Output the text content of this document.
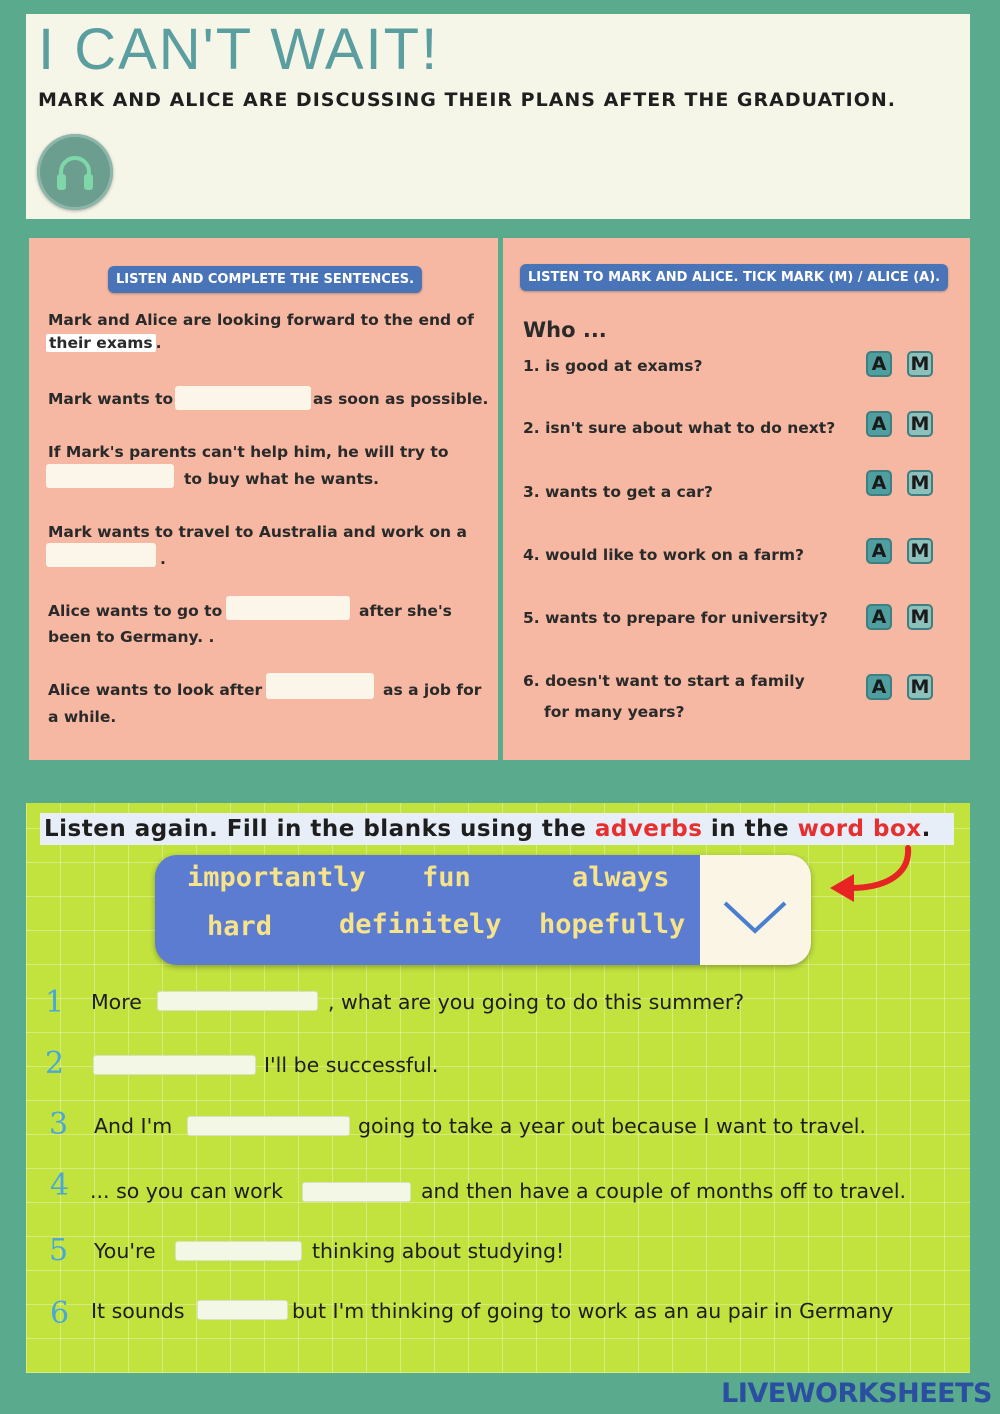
I CAN'T WAIT!
MARK AND ALICE ARE DISCUSSING THEIR PLANS AFTER THE GRADUATION.
LISTEN AND COMPLETE THE SENTENCES.
Mark and Alice are looking forward to the end of
their exams .
Mark wants to	as soon as possible.
If Mark's parents can't help him, he will try to
to buy what he wants.
Mark wants to travel to Australia and work on a
.
Alice wants to go to	after she's
been to Germany. .
Alice wants to look after	as a job for
a while.
LISTEN TO MARK AND ALICE. TICK MARK (M) / ALICE (A).
Who ...
1. is good at exams?	A M
2. isn't sure about what to do next? A M
3. wants to get a car?	A M
4. would like to work on a farm?	A M
5. wants to prepare for university? A M
6. doesn't want to start a family
for many years?
A M
Listen again. Fill in the blanks using the adverbs in the word box.
importantly fun	always
hard definitely hopefully
1 More	, what are you going to do this summer?
2	I'll be successful.
3 And I'm	going to take a year out because I want to travel.
4 ... so you can work	and then have a couple of months off to travel.
5 You're	thinking about studying!
6 It sounds	but I'm thinking of going to work as an au pair in Germany
LIVEWORKSHEETS
